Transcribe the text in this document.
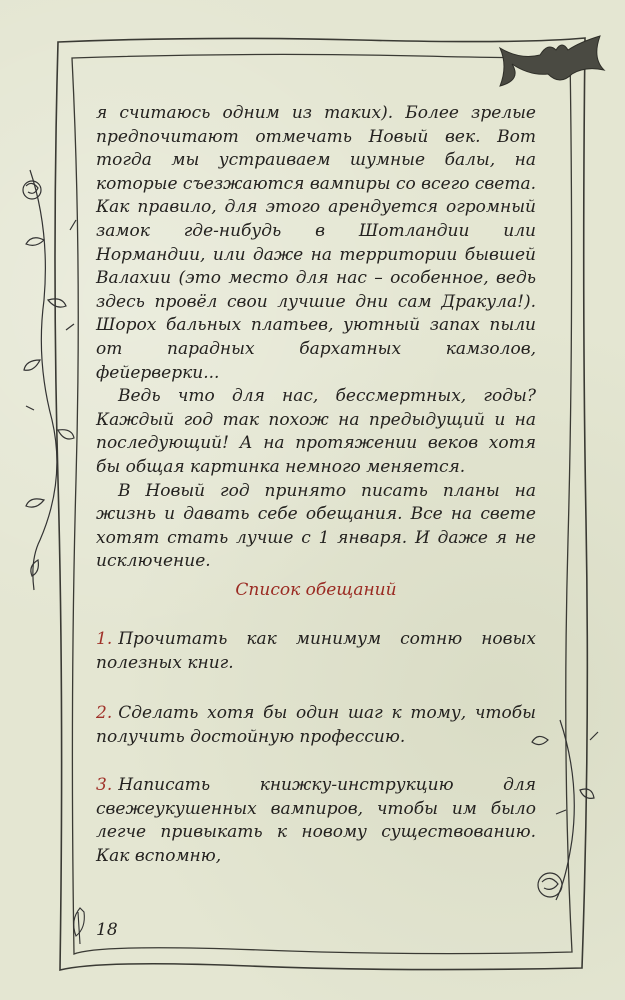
я считаюсь одним из таких). Более зрелые предпочитают отмечать Новый век. Вот тогда мы устраиваем шумные балы, на которые съезжаются вампиры со всего света. Как правило, для этого арендуется огромный замок где-нибудь в Шотландии или Нормандии, или даже на территории бывшей Валахии (это место для нас – особенное, ведь здесь провёл свои лучшие дни сам Дракула!). Шорох бальных платьев, уютный запах пыли от парадных бархатных камзолов, фейерверки...

Ведь что для нас, бессмертных, годы? Каждый год так похож на предыдущий и на последующий! А на протяжении веков хотя бы общая картинка немного меняется.

В Новый год принято писать планы на жизнь и давать себе обещания. Все на свете хотят стать лучше с 1 января. И даже я не исключение.

Список обещаний
1. Прочитать как минимум сотню новых полезных книг.
2. Сделать хотя бы один шаг к тому, чтобы получить достойную профессию.
3. Написать книжку-инструкцию для свежеукушенных вампиров, чтобы им было легче привыкать к новому существованию. Как вспомню,
18
